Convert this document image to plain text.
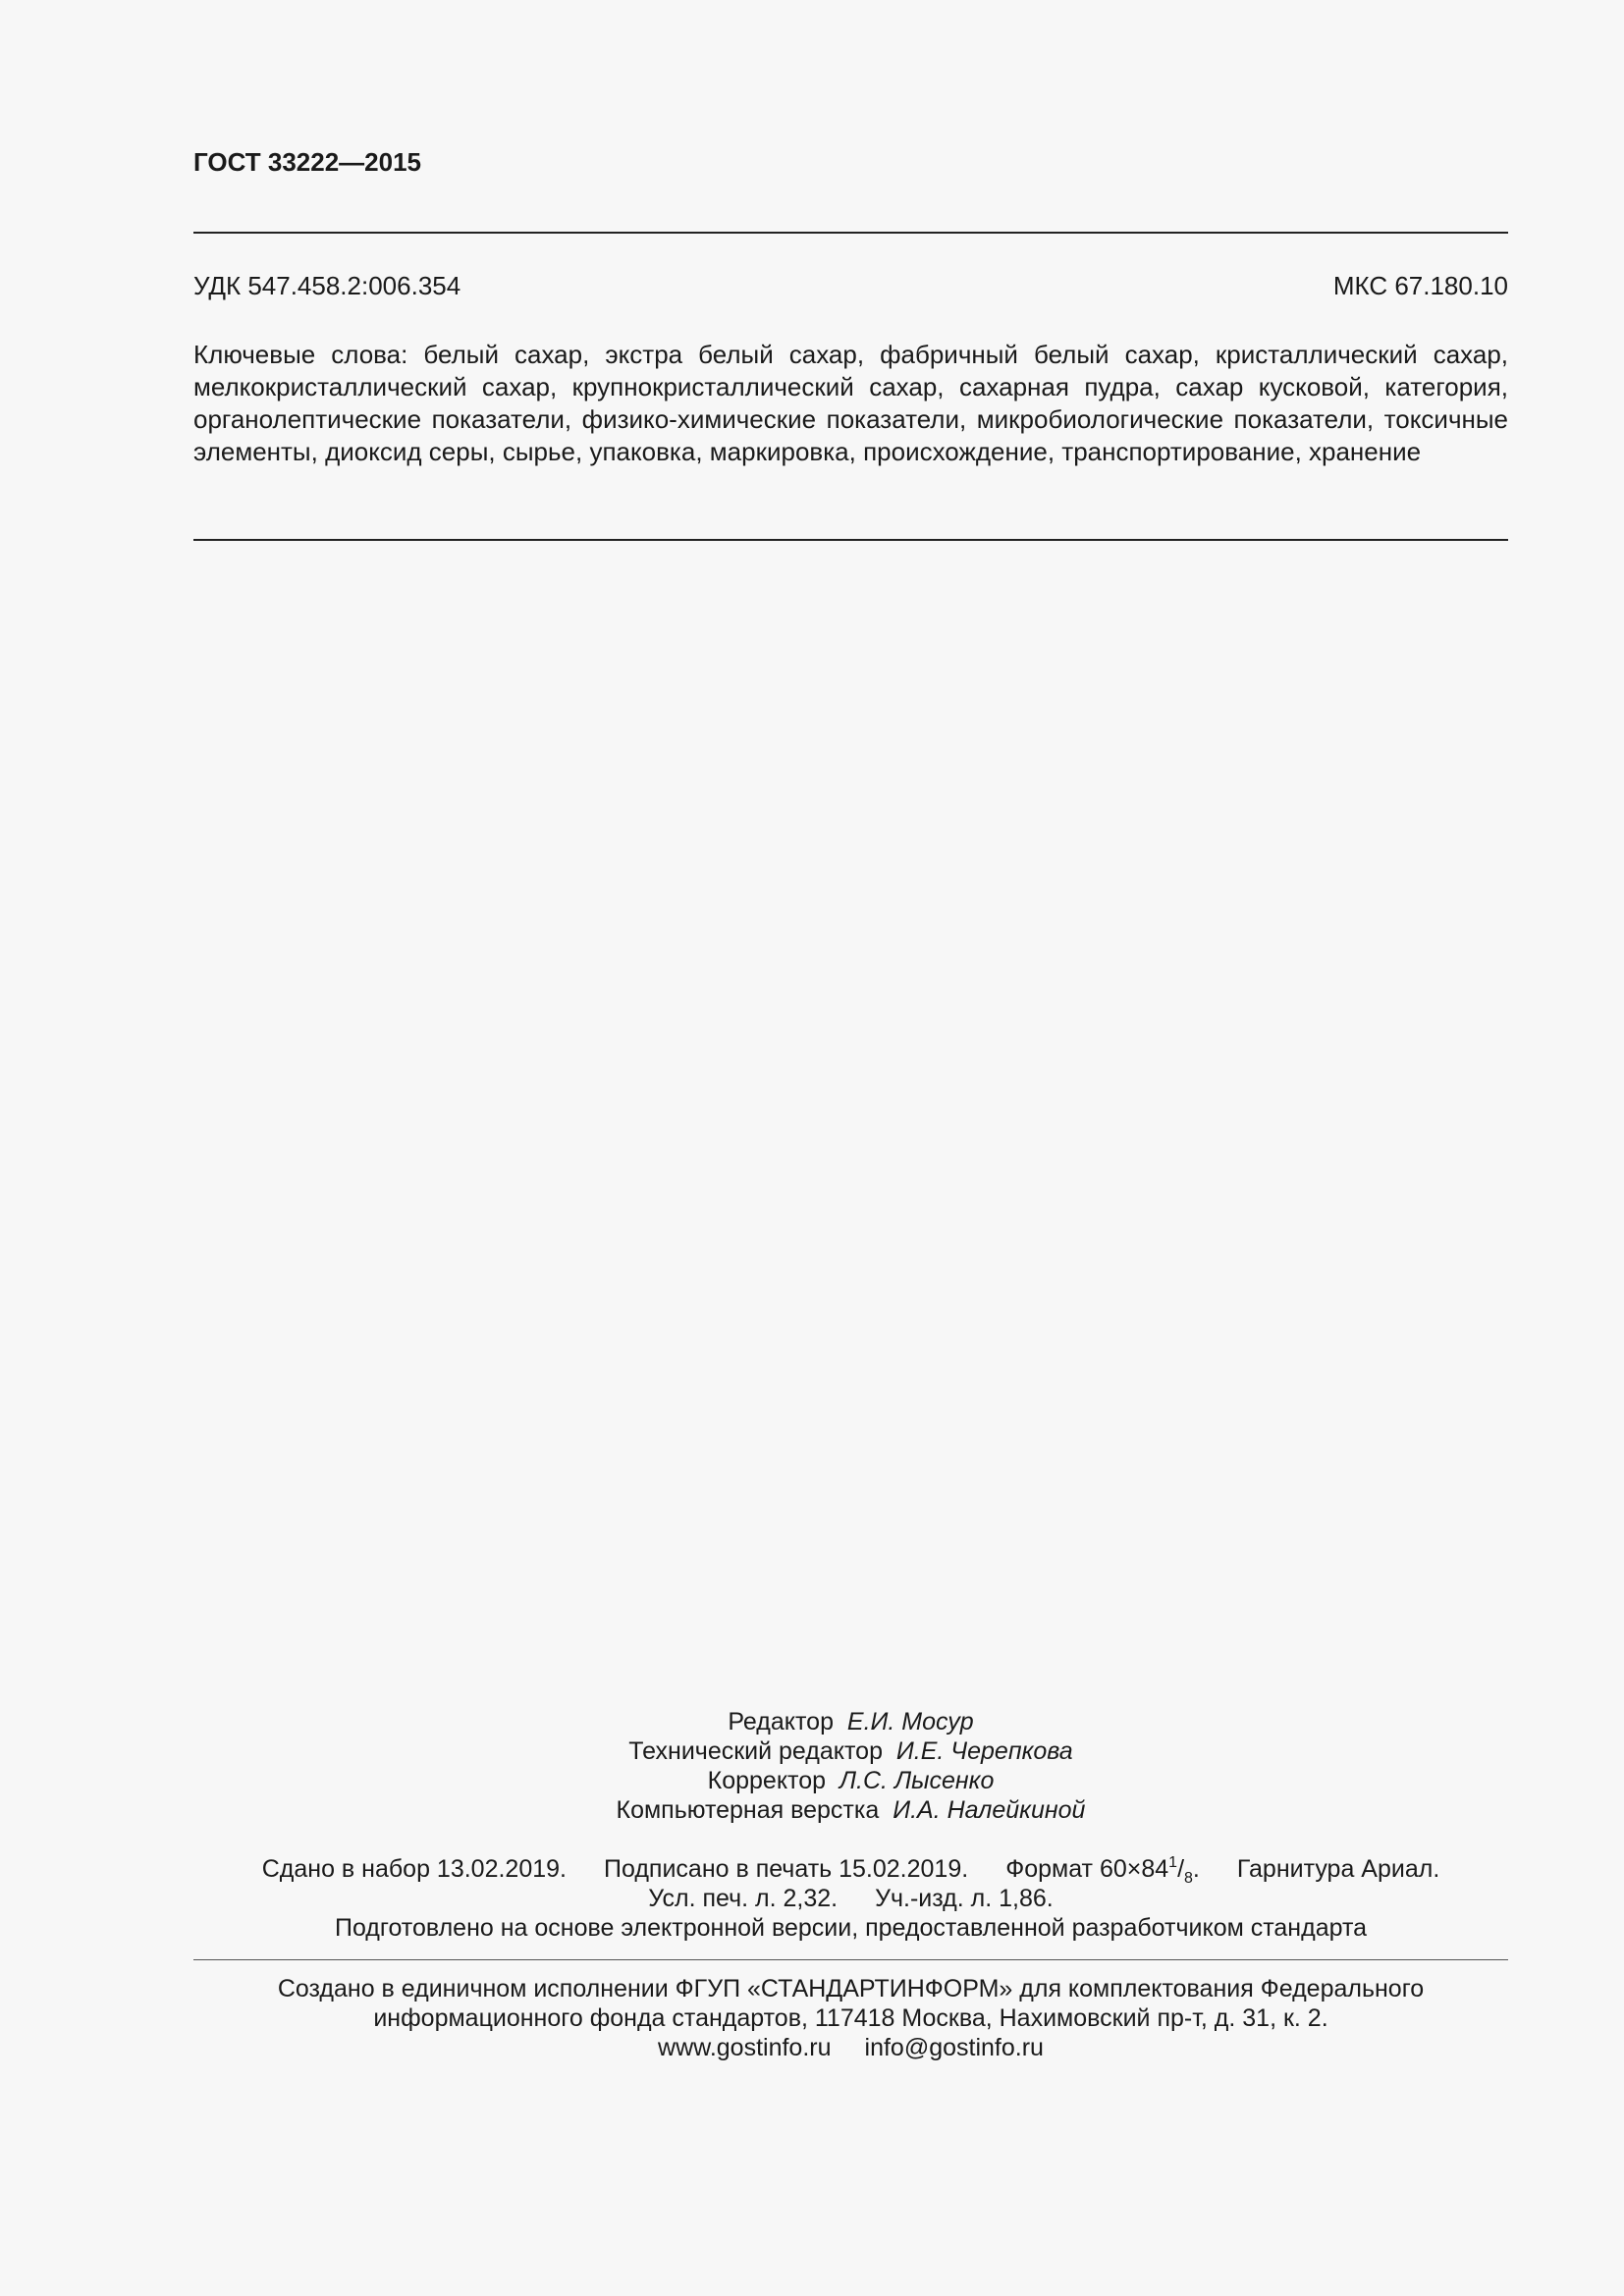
ГОСТ 33222—2015
УДК 547.458.2:006.354	МКС 67.180.10

Ключевые слова: белый сахар, экстра белый сахар, фабричный белый сахар, кристаллический сахар, мелкокристаллический сахар, крупнокристаллический сахар, сахарная пудра, сахар кусковой, категория, органолептические показатели, физико-химические показатели, микробиологические показатели, токсичные элементы, диоксид серы, сырье, упаковка, маркировка, происхождение, транспортирование, хранение

Редактор Е.И. Мосур
Технический редактор И.Е. Черепкова
Корректор Л.С. Лысенко
Компьютерная верстка И.А. Налейкиной
Сдано в набор 13.02.2019. Подписано в печать 15.02.2019. Формат $60\times 84^1/_8$. Гарнитура Ариал.
Усл. печ. л. 2,32. Уч.-изд. л. 1,86.
Подготовлено на основе электронной версии, предоставленной разработчиком стандарта
Создано в единичном исполнении ФГУП «СТАНДАРТИНФОРМ» для комплектования Федерального
информационного фонда стандартов, 117418 Москва, Нахимовский пр-т, д. 31, к. 2.
www.gostinfo.ru info@gostinfo.ru
